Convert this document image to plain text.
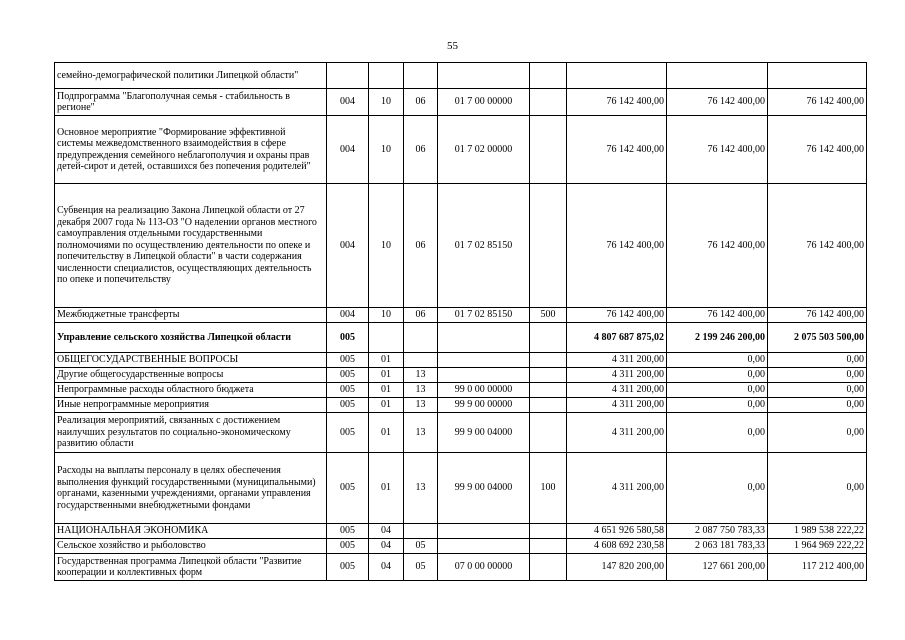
55
семейно-демографической политики Липецкой области"								
Подпрограмма "Благополучная семья - стабильность в регионе"	004	10	06	01 7 00 00000		76 142 400,00	76 142 400,00	76 142 400,00
Основное мероприятие "Формирование эффективной системы межведомственного взаимодействия в сфере предупреждения семейного неблагополучия и охраны прав детей-сирот и детей, оставшихся без попечения родителей"	004	10	06	01 7 02 00000		76 142 400,00	76 142 400,00	76 142 400,00
Субвенция на реализацию Закона Липецкой области от 27 декабря 2007 года № 113-ОЗ "О наделении органов местного самоуправления отдельными государственными полномочиями по осуществлению деятельности по опеке и попечительству в Липецкой области" в части содержания численности специалистов, осуществляющих деятельность по опеке и попечительству	004	10	06	01 7 02 85150		76 142 400,00	76 142 400,00	76 142 400,00
Межбюджетные трансферты	004	10	06	01 7 02 85150	500	76 142 400,00	76 142 400,00	76 142 400,00
Управление сельского хозяйства Липецкой области	005					4 807 687 875,02	2 199 246 200,00	2 075 503 500,00
ОБЩЕГОСУДАРСТВЕННЫЕ ВОПРОСЫ	005	01				4 311 200,00	0,00	0,00
Другие общегосударственные вопросы	005	01	13			4 311 200,00	0,00	0,00
Непрограммные расходы областного бюджета	005	01	13	99 0 00 00000		4 311 200,00	0,00	0,00
Иные непрограммные мероприятия	005	01	13	99 9 00 00000		4 311 200,00	0,00	0,00
Реализация мероприятий, связанных с достижением наилучших результатов по социально-экономическому развитию области	005	01	13	99 9 00 04000		4 311 200,00	0,00	0,00
Расходы на выплаты персоналу в целях обеспечения выполнения функций государственными (муниципальными) органами, казенными учреждениями, органами управления государственными внебюджетными фондами	005	01	13	99 9 00 04000	100	4 311 200,00	0,00	0,00
НАЦИОНАЛЬНАЯ ЭКОНОМИКА	005	04				4 651 926 580,58	2 087 750 783,33	1 989 538 222,22
Сельское хозяйство и рыболовство	005	04	05			4 608 692 230,58	2 063 181 783,33	1 964 969 222,22
Государственная программа Липецкой области "Развитие кооперации и коллективных форм	005	04	05	07 0 00 00000		147 820 200,00	127 661 200,00	117 212 400,00
